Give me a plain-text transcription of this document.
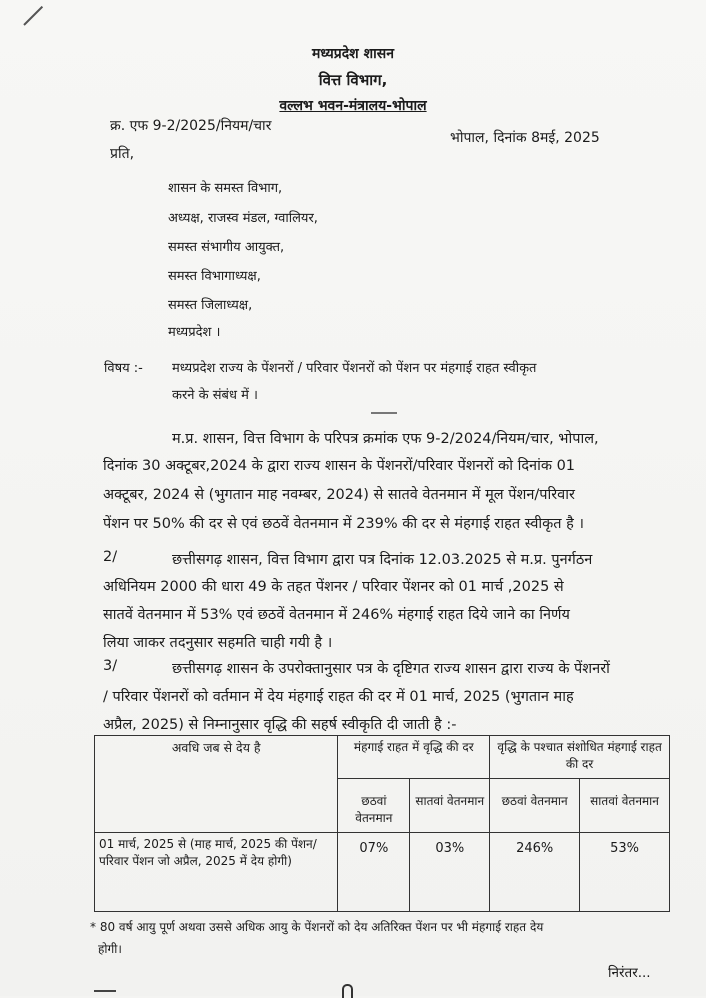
मध्यप्रदेश शासन
वित्त विभाग,
वल्लभ भवन-मंत्रालय-भोपाल
क्र. एफ 9-2/2025/नियम/चार
भोपाल, दिनांक 8मई, 2025
प्रति,
शासन के समस्त विभाग,
अध्यक्ष, राजस्व मंडल, ग्वालियर,
समस्त संभागीय आयुक्त,
समस्त विभागाध्यक्ष,
समस्त जिलाध्यक्ष,
मध्यप्रदेश ।
विषय :- मध्यप्रदेश राज्य के पेंशनरों / परिवार पेंशनरों को पेंशन पर मंहगाई राहत स्वीकृत
करने के संबंध में ।
म.प्र. शासन, वित्त विभाग के परिपत्र क्रमांक एफ 9-2/2024/नियम/चार, भोपाल,
दिनांक 30 अक्टूबर,2024 के द्वारा राज्य शासन के पेंशनरों/परिवार पेंशनरों को दिनांक 01
अक्टूबर, 2024 से (भुगतान माह नवम्बर, 2024) से सातवे वेतनमान में मूल पेंशन/परिवार
पेंशन पर 50% की दर से एवं छठवें वेतनमान में 239% की दर से मंहगाई राहत स्वीकृत है ।
2/	छत्तीसगढ़ शासन, वित्त विभाग द्वारा पत्र दिनांक 12.03.2025 से म.प्र. पुनर्गठन
अधिनियम 2000 की धारा 49 के तहत पेंशनर / परिवार पेंशनर को 01 मार्च ,2025 से
सातवें वेतनमान में 53% एवं छठवें वेतनमान में 246% मंहगाई राहत दिये जाने का निर्णय
लिया जाकर तदनुसार सहमति चाही गयी है ।
3/	छत्तीसगढ़ शासन के उपरोक्तानुसार पत्र के दृष्टिगत राज्य शासन द्वारा राज्य के पेंशनरों
/ परिवार पेंशनरों को वर्तमान में देय मंहगाई राहत की दर में 01 मार्च, 2025 (भुगतान माह
अप्रैल, 2025) से निम्नानुसार वृद्धि की सहर्ष स्वीकृति दी जाती है :-
अवधि जब से देय है	मंहगाई राहत में वृद्धि की दर		वृद्धि के पश्चात संशोधित मंहगाई राहत की दर	
	छठवां वेतनमान	सातवां वेतनमान	छठवां वेतनमान	सातवां वेतनमान
01 मार्च, 2025 से (माह मार्च, 2025 की पेंशन/परिवार पेंशन जो अप्रैल, 2025 में देय होगी)	07%	03%	246%	53%
* 80 वर्ष आयु पूर्ण अथवा उससे अधिक आयु के पेंशनरों को देय अतिरिक्त पेंशन पर भी मंहगाई राहत देय
होगी।
निरंतर...
